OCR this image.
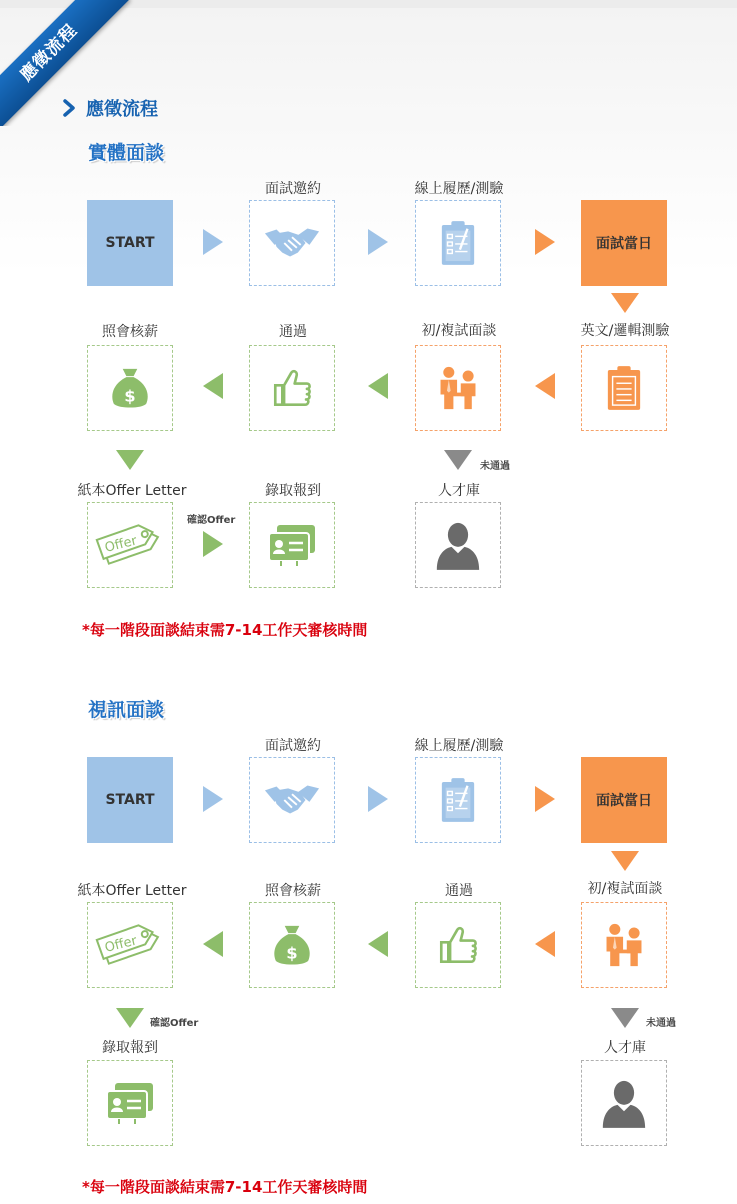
應徵流程
應徵流程
實體面談
面試邀約	線上履歷/測驗
START	面試當日
照會核薪	通過	初/複試面談	英文/邏輯測驗
未通過
紙本Offer Letter	錄取報到	人才庫
Offer
確認Offer
*每一階段面談結束需7-14工作天審核時間
視訊面談
面試邀約	線上履歷/測驗
START	面試當日
紙本Offer Letter	照會核薪	通過	初/複試面談
Offer
確認Offer	未通過
錄取報到	人才庫
*每一階段面談結束需7-14工作天審核時間
